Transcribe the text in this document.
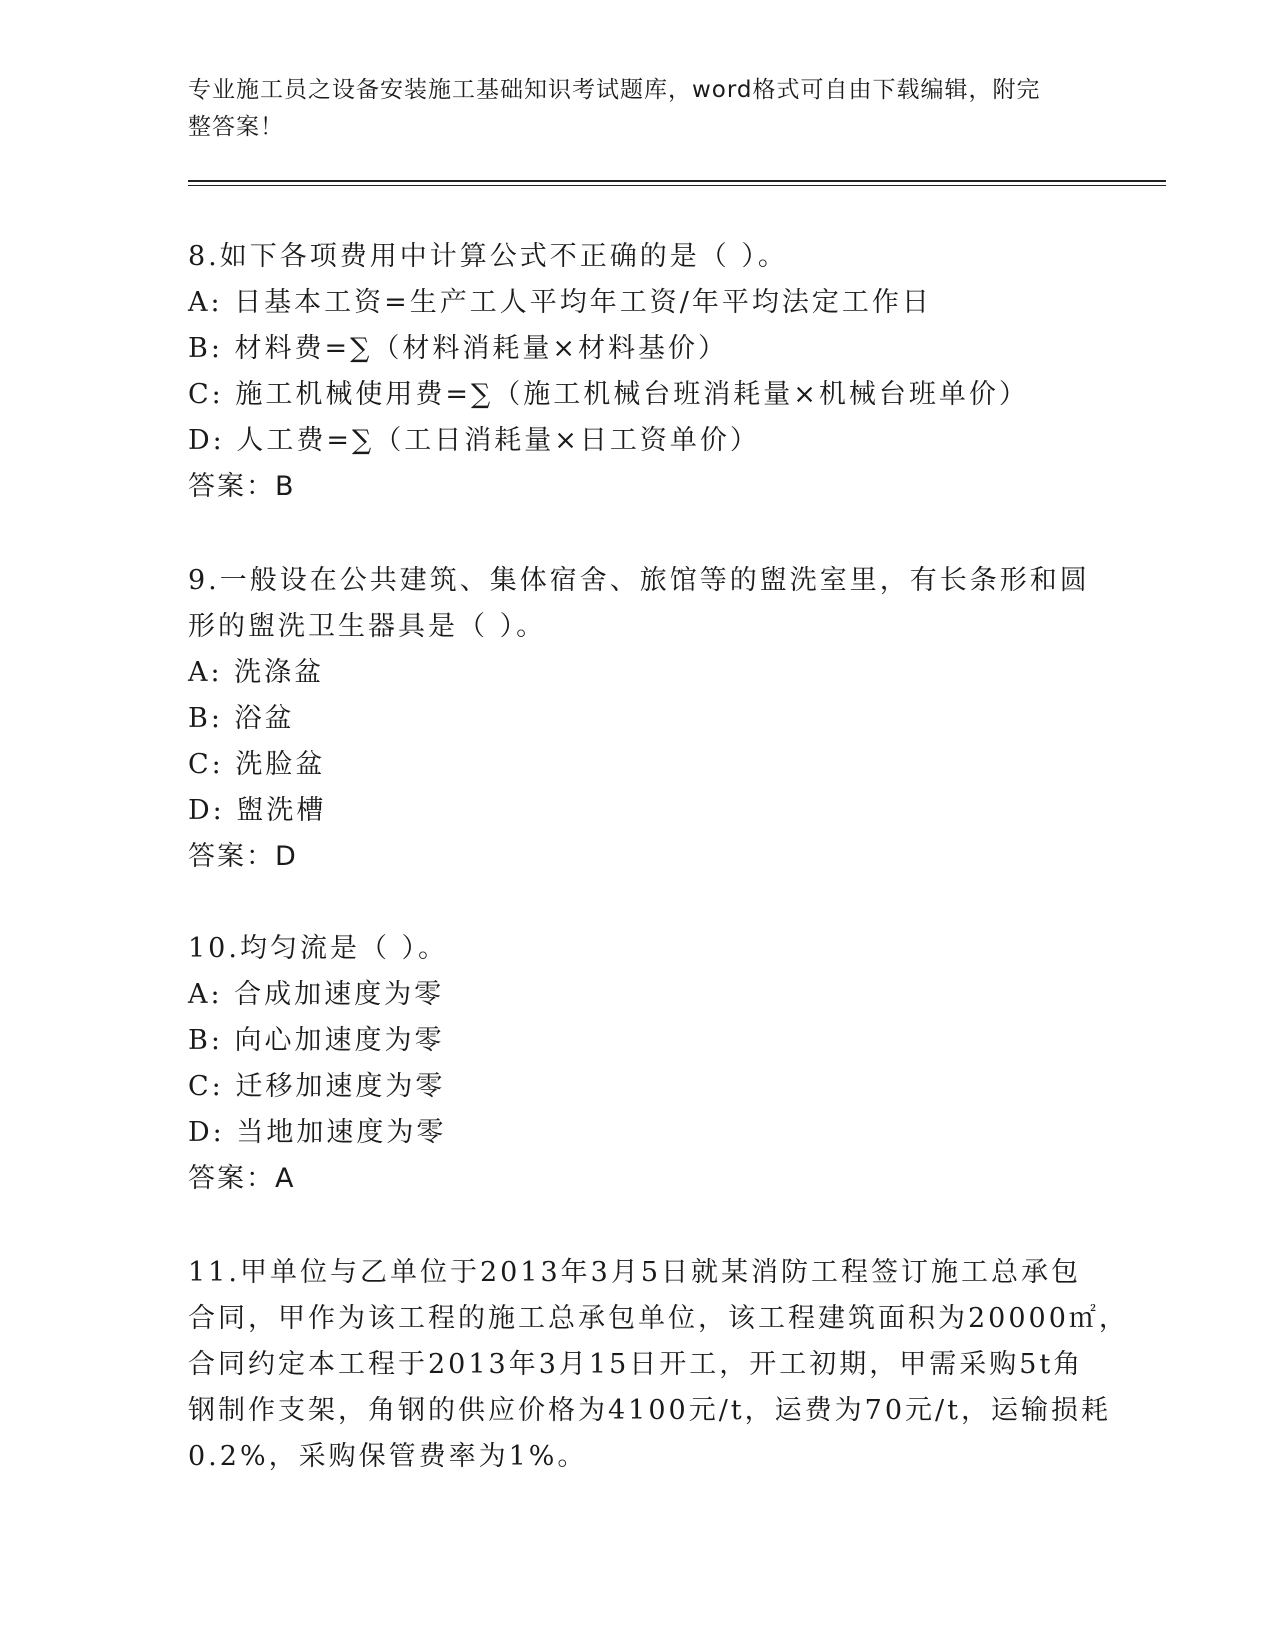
专业施工员之设备安装施工基础知识考试题库，word格式可自由下载编辑，附完
整答案！
8.如下各项费用中计算公式不正确的是（ ）。
A: 日基本工资=生产工人平均年工资/年平均法定工作日
B: 材料费=∑（材料消耗量×材料基价）
C: 施工机械使用费=∑（施工机械台班消耗量×机械台班单价）
D: 人工费=∑（工日消耗量×日工资单价）
答案：B
9.一般设在公共建筑、集体宿舍、旅馆等的盥洗室里，有长条形和圆
形的盥洗卫生器具是（ ）。
A: 洗涤盆
B: 浴盆
C: 洗脸盆
D: 盥洗槽
答案：D
10.均匀流是（ ）。
A: 合成加速度为零
B: 向心加速度为零
C: 迁移加速度为零
D: 当地加速度为零
答案：A
11.甲单位与乙单位于2013年3月5日就某消防工程签订施工总承包
合同，甲作为该工程的施工总承包单位，该工程建筑面积为20000㎡，
合同约定本工程于2013年3月15日开工，开工初期，甲需采购5t角
钢制作支架，角钢的供应价格为4100元/t，运费为70元/t，运输损耗
0.2%，采购保管费率为1%。
